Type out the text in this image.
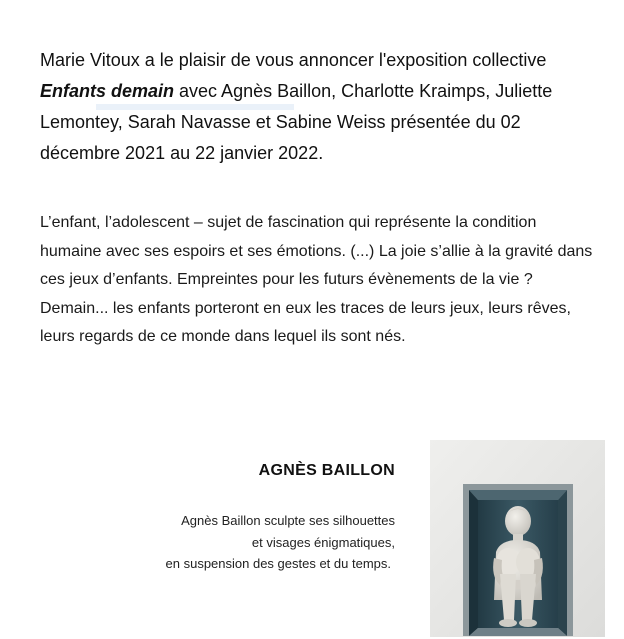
Marie Vitoux a le plaisir de vous annoncer l'exposition collective Enfants demain avec Agnès Baillon, Charlotte Kraimps, Juliette Lemontey, Sarah Navasse et Sabine Weiss présentée du 02 décembre 2021 au 22 janvier 2022.

L’enfant, l’adolescent – sujet de fascination qui représente la condition humaine avec ses espoirs et ses émotions. (...) La joie s’allie à la gravité dans ces jeux d’enfants. Empreintes pour les futurs évènements de la vie ? Demain... les enfants porteront en eux les traces de leurs jeux, leurs rêves, leurs regards de ce monde dans lequel ils sont nés.

AGNÈS BAILLON
Agnès Baillon sculpte ses silhouettes
et visages énigmatiques,
en suspension des gestes et du temps.
